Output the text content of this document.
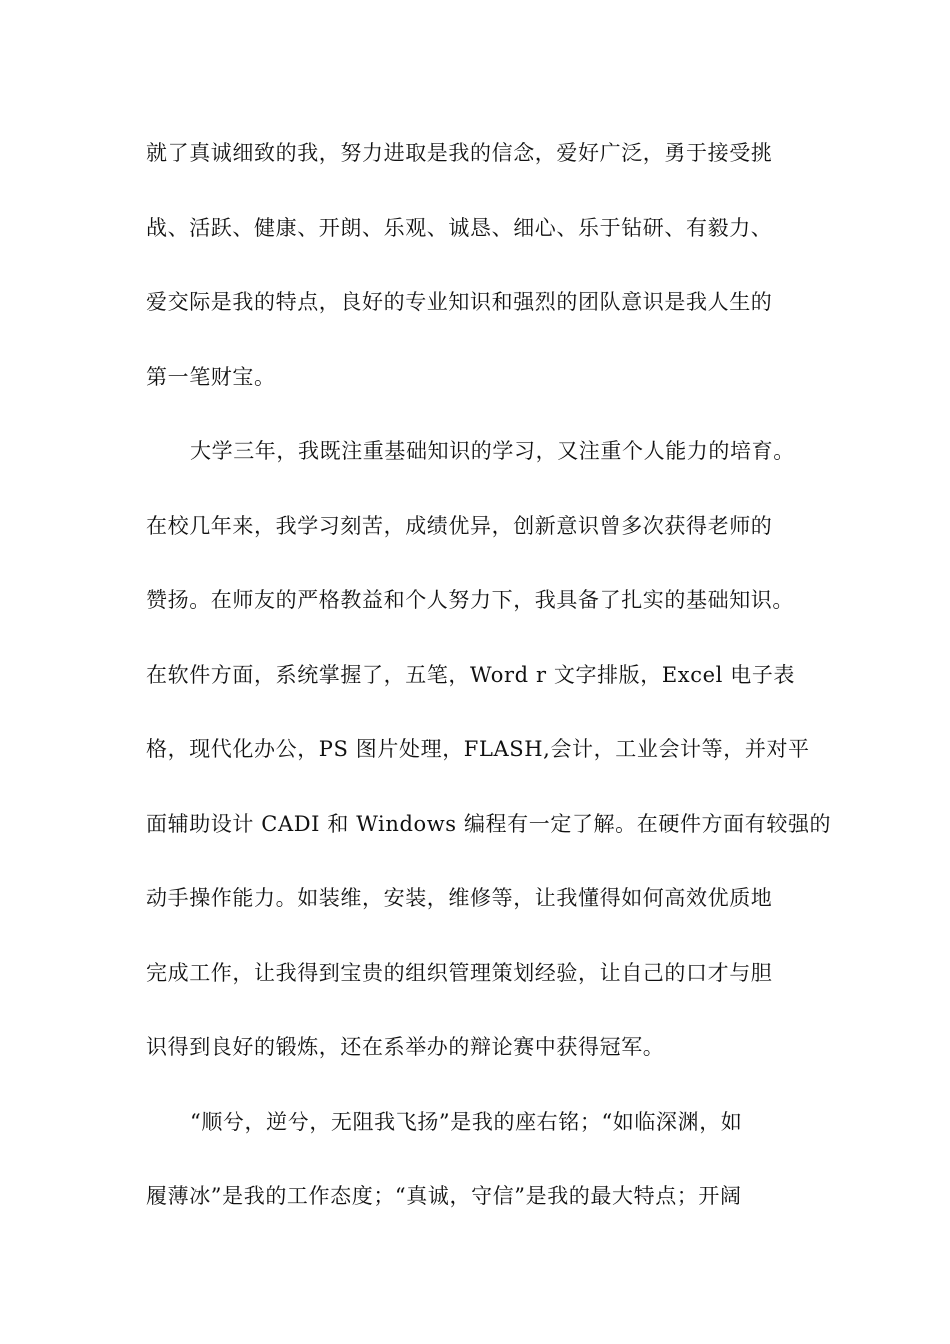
就了真诚细致的我，努力进取是我的信念，爱好广泛，勇于接受挑
战、活跃、健康、开朗、乐观、诚恳、细心、乐于钻研、有毅力、
爱交际是我的特点，良好的专业知识和强烈的团队意识是我人生的
第一笔财宝。
大学三年，我既注重基础知识的学习，又注重个人能力的培育。
在校几年来，我学习刻苦，成绩优异，创新意识曾多次获得老师的
赞扬。在师友的严格教益和个人努力下，我具备了扎实的基础知识。
在软件方面，系统掌握了，五笔，Word r 文字排版，Excel 电子表
格，现代化办公，PS 图片处理，FLASH,会计，工业会计等，并对平
面辅助设计 CADI 和 Windows 编程有一定了解。在硬件方面有较强的
动手操作能力。如装维，安装，维修等，让我懂得如何高效优质地
完成工作，让我得到宝贵的组织管理策划经验，让自己的口才与胆
识得到良好的锻炼，还在系举办的辩论赛中获得冠军。
“顺兮，逆兮，无阻我飞扬”是我的座右铭；“如临深渊，如
履薄冰”是我的工作态度；“真诚，守信”是我的最大特点；开阔
